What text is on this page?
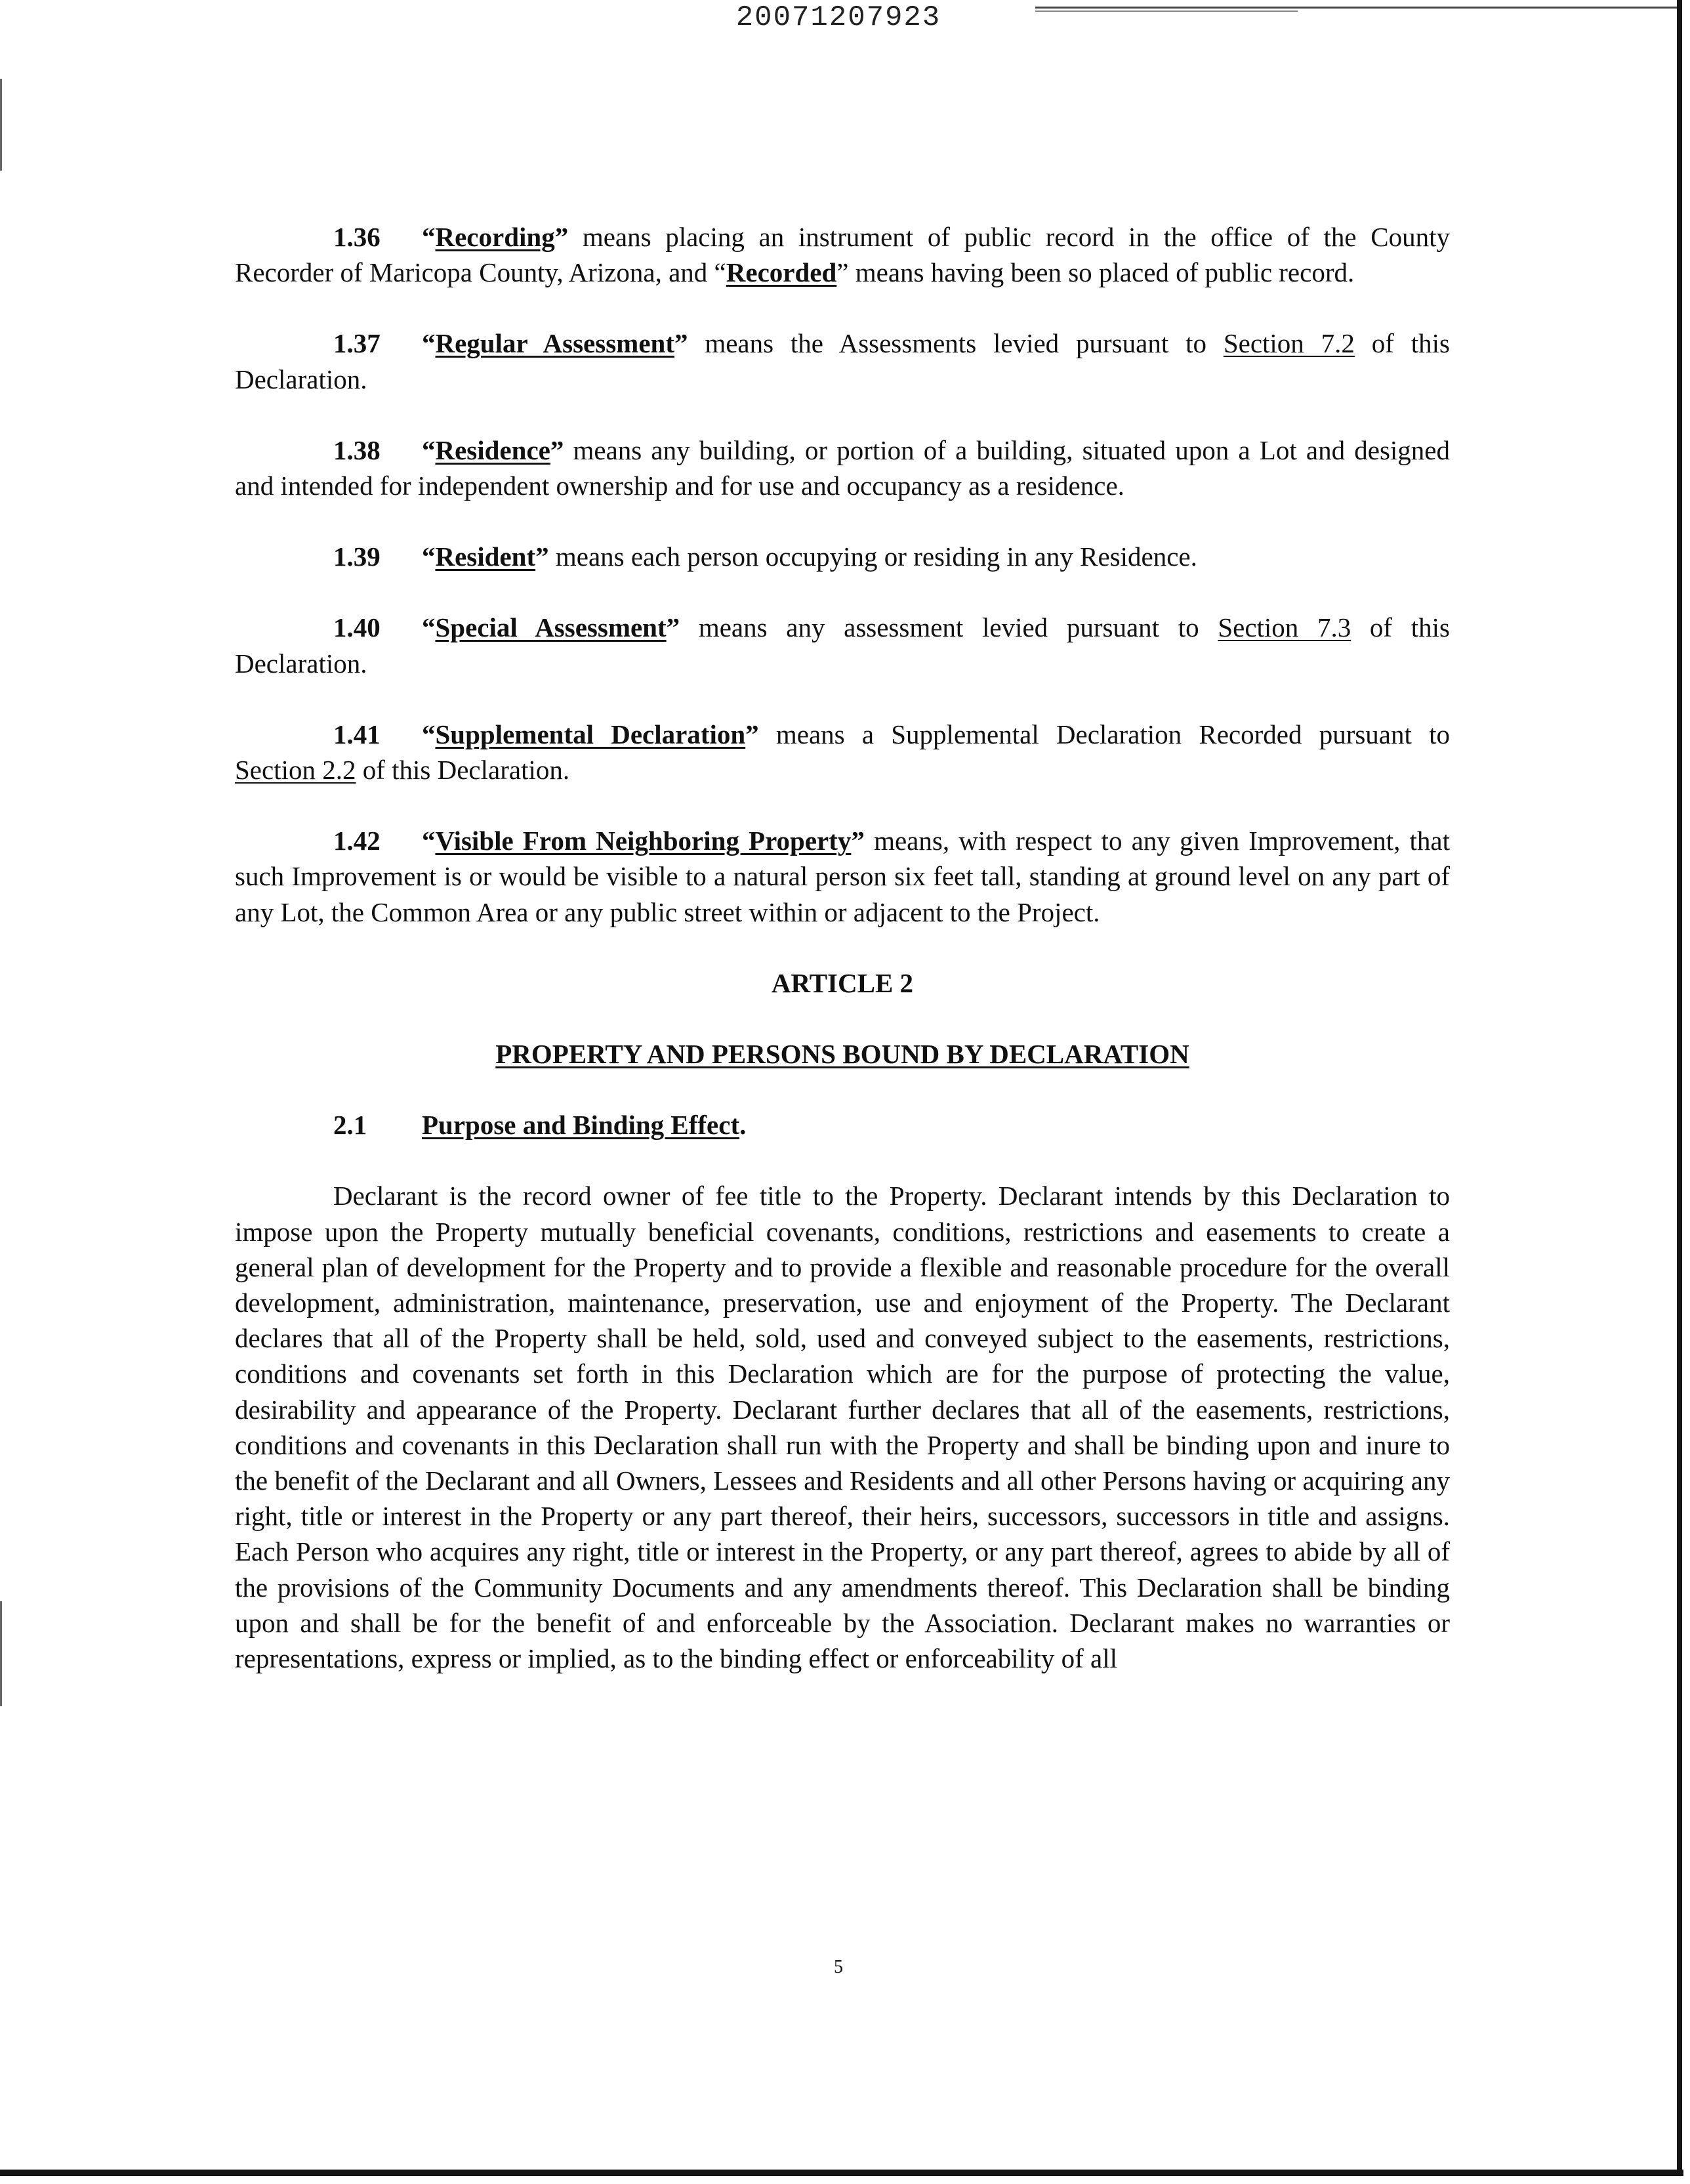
20071207923

1.36 “Recording” means placing an instrument of public record in the office of the County Recorder of Maricopa County, Arizona, and “Recorded” means having been so placed of public record.

1.37 “Regular Assessment” means the Assessments levied pursuant to Section 7.2 of this Declaration.

1.38 “Residence” means any building, or portion of a building, situated upon a Lot and designed and intended for independent ownership and for use and occupancy as a residence.

1.39 “Resident” means each person occupying or residing in any Residence.

1.40 “Special Assessment” means any assessment levied pursuant to Section 7.3 of this Declaration.

1.41 “Supplemental Declaration” means a Supplemental Declaration Recorded pursuant to Section 2.2 of this Declaration.

1.42 “Visible From Neighboring Property” means, with respect to any given Improvement, that such Improvement is or would be visible to a natural person six feet tall, standing at ground level on any part of any Lot, the Common Area or any public street within or adjacent to the Project.

ARTICLE 2
PROPERTY AND PERSONS BOUND BY DECLARATION
2.1 Purpose and Binding Effect.

Declarant is the record owner of fee title to the Property. Declarant intends by this Declaration to impose upon the Property mutually beneficial covenants, conditions, restrictions and easements to create a general plan of development for the Property and to provide a flexible and reasonable procedure for the overall development, administration, maintenance, preservation, use and enjoyment of the Property. The Declarant declares that all of the Property shall be held, sold, used and conveyed subject to the easements, restrictions, conditions and covenants set forth in this Declaration which are for the purpose of protecting the value, desirability and appearance of the Property. Declarant further declares that all of the easements, restrictions, conditions and covenants in this Declaration shall run with the Property and shall be binding upon and inure to the benefit of the Declarant and all Owners, Lessees and Residents and all other Persons having or acquiring any right, title or interest in the Property or any part thereof, their heirs, successors, successors in title and assigns. Each Person who acquires any right, title or interest in the Property, or any part thereof, agrees to abide by all of the provisions of the Community Documents and any amendments thereof. This Declaration shall be binding upon and shall be for the benefit of and enforceable by the Association. Declarant makes no warranties or representations, express or implied, as to the binding effect or enforceability of all

5
